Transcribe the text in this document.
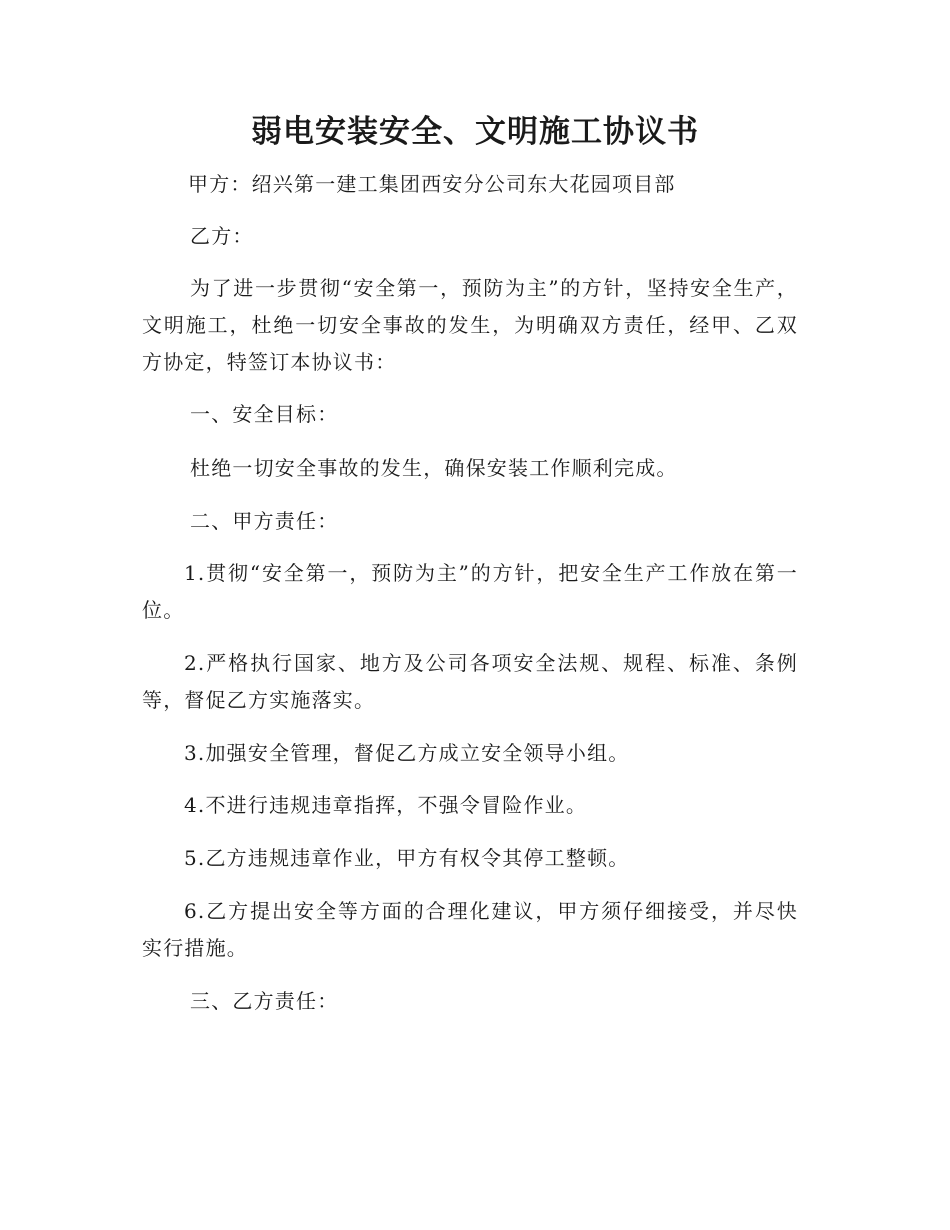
弱电安装安全、文明施工协议书
甲方：绍兴第一建工集团西安分公司东大花园项目部
乙方：
为了进一步贯彻“安全第一，预防为主”的方针，坚持安全生产，文明施工，杜绝一切安全事故的发生，为明确双方责任，经甲、乙双方协定，特签订本协议书：
一、安全目标：
杜绝一切安全事故的发生，确保安装工作顺利完成。
二、甲方责任：
1.贯彻“安全第一，预防为主”的方针，把安全生产工作放在第一位。
2.严格执行国家、地方及公司各项安全法规、规程、标准、条例等，督促乙方实施落实。
3.加强安全管理，督促乙方成立安全领导小组。
4.不进行违规违章指挥，不强令冒险作业。
5.乙方违规违章作业，甲方有权令其停工整顿。
6.乙方提出安全等方面的合理化建议，甲方须仔细接受，并尽快实行措施。
三、乙方责任：
